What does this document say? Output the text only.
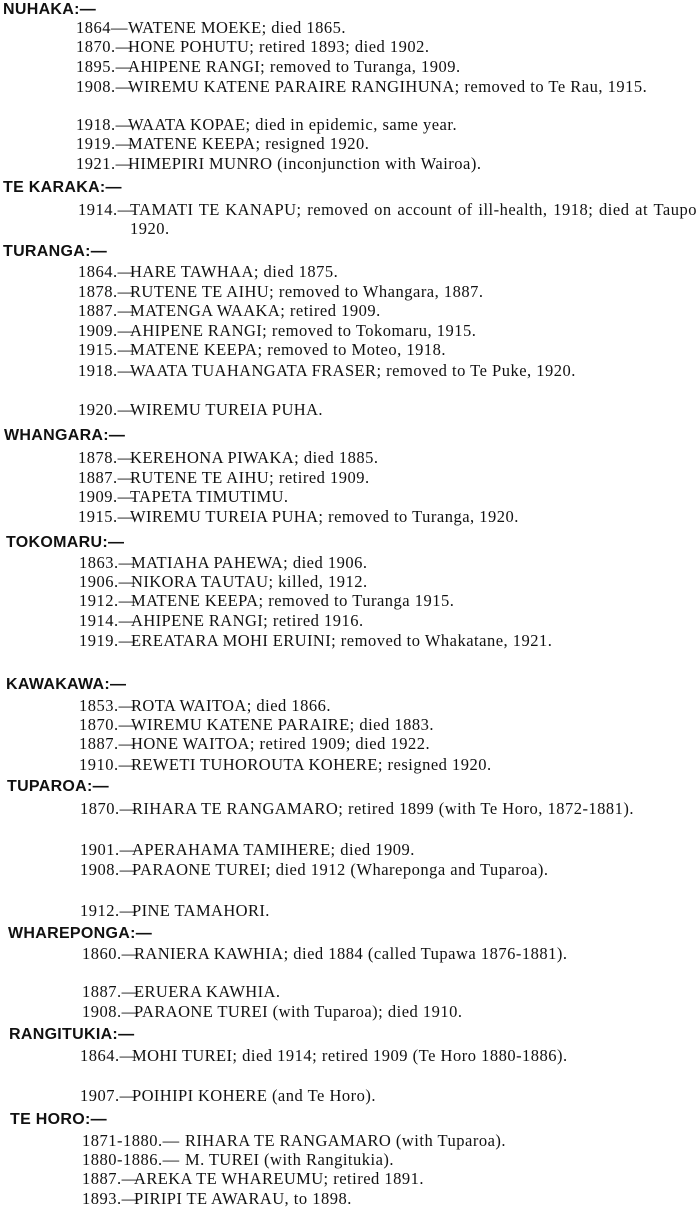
NUHAKA:—
1864— WATENE MOEKE; died 1865.
1870.—
HONE POHUTU; retired 1893; died 1902.
1895.—
AHIPENE RANGI; removed to Turanga, 1909.
1908.—
WIREMU KATENE PARAIRE RANGIHUNA; removed to Te Rau, 1915.
1918.—
WAATA KOPAE; died in epidemic, same year.
1919.—
MATENE KEEPA; resigned 1920.
1921.—
HIMEPIRI MUNRO (inconjunction with Wairoa).
TE KARAKA:—
1914.—
TAMATI TE KANAPU; removed on account of ill-health, 1918; died at Taupo 1920.
TURANGA:—
1864.—
HARE TAWHAA; died 1875.
1878.—
RUTENE TE AIHU; removed to Whangara, 1887.
1887.—
MATENGA WAAKA; retired 1909.
1909.—
AHIPENE RANGI; removed to Tokomaru, 1915.
1915.—
MATENE KEEPA; removed to Moteo, 1918.
1918.—
WAATA TUAHANGATA FRASER; removed to Te Puke, 1920.
1920.—
WIREMU TUREIA PUHA.
WHANGARA:—
1878.—
KEREHONA PIWAKA; died 1885.
1887.—
RUTENE TE AIHU; retired 1909.
1909.—
TAPETA TIMUTIMU.
1915.—
WIREMU TUREIA PUHA; removed to Turanga, 1920.
TOKOMARU:—
1863.—
MATIAHA PAHEWA; died 1906.
1906.—
NIKORA TAUTAU; killed, 1912.
1912.—
MATENE KEEPA; removed to Turanga 1915.
1914.—
AHIPENE RANGI; retired 1916.
1919.—
EREATARA MOHI ERUINI; removed to Whakatane, 1921.
KAWAKAWA:—
1853.—
ROTA WAITOA; died 1866.
1870.—
WIREMU KATENE PARAIRE; died 1883.
1887.—
HONE WAITOA; retired 1909; died 1922.
1910.—
REWETI TUHOROUTA KOHERE; resigned 1920.
TUPAROA:—
1870.—
RIHARA TE RANGAMARO; retired 1899 (with Te Horo, 1872-1881).
1901.—
APERAHAMA TAMIHERE; died 1909.
1908.—
PARAONE TUREI; died 1912 (Whareponga and Tuparoa).
1912.—
PINE TAMAHORI.
WHAREPONGA:—
1860.—
RANIERA KAWHIA; died 1884 (called Tupawa 1876-1881).
1887.—
ERUERA KAWHIA.
1908.—
PARAONE TUREI (with Tuparoa); died 1910.
RANGITUKIA:—
1864.—
MOHI TUREI; died 1914; retired 1909 (Te Horo 1880-1886).
1907.—
POIHIPI KOHERE (and Te Horo).
TE HORO:—
1871-1880.— RIHARA TE RANGAMARO (with Tuparoa).
1880-1886.— M. TUREI (with Rangitukia).
1887.—
AREKA TE WHAREUMU; retired 1891.
1893.—
PIRIPI TE AWARAU, to 1898.
